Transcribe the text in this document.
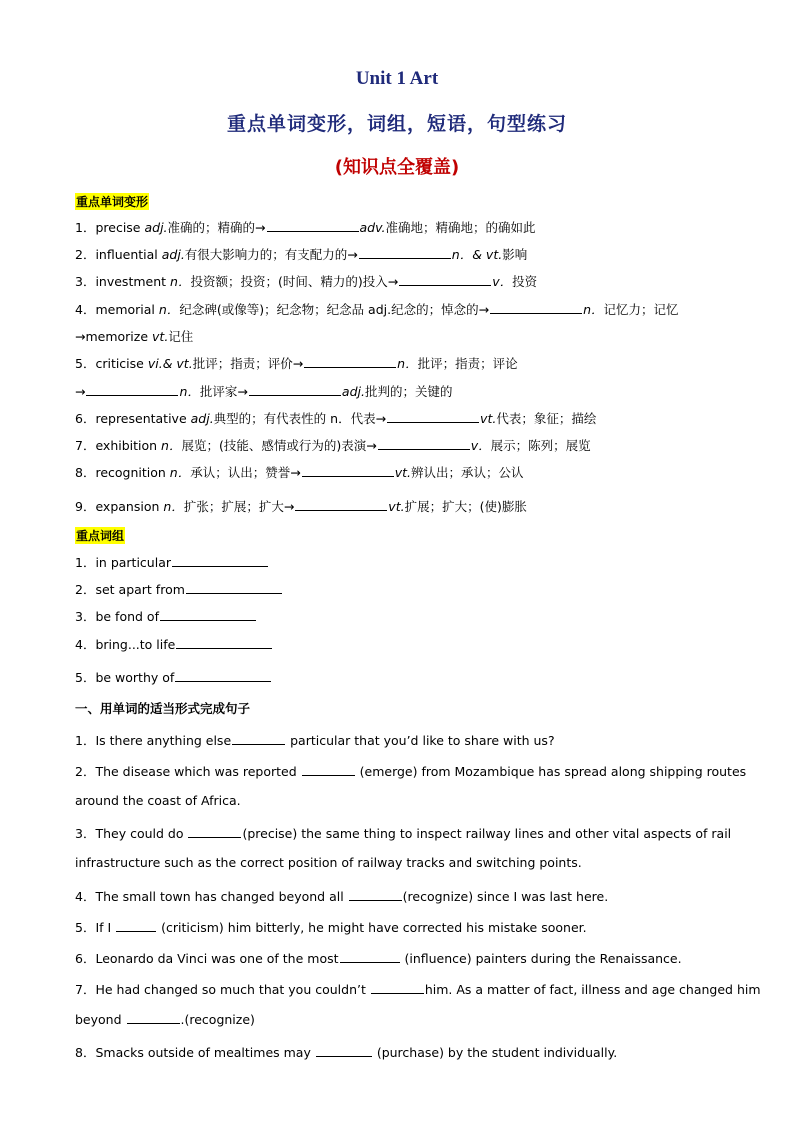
Unit 1 Art
重点单词变形，词组，短语，句型练习
(知识点全覆盖)
重点单词变形
1．precise adj.准确的；精确的→	adv.准确地；精确地；的确如此
2．influential adj.有很大影响力的；有支配力的→	n．& vt.影响
3．investment n．投资额；投资；(时间、精力的)投入→	v．投资
4．memorial n．纪念碑(或像等)；纪念物；纪念品 adj.纪念的；悼念的→	n．记忆力；记忆
→memorize vt.记住
5．criticise vi.& vt.批评；指责；评价→	n．批评；指责；评论
→	n．批评家→	adj.批判的；关键的
6．representative adj.典型的；有代表性的 n．代表→	vt.代表；象征；描绘
7．exhibition n．展览；(技能、感情或行为的)表演→	v．展示；陈列；展览
8．recognition n．承认；认出；赞誉→	vt.辨认出；承认；公认
9．expansion n．扩张；扩展；扩大→	vt.扩展；扩大；(使)膨胀
重点词组
1．in particular
2．set apart from
3．be fond of
4．bring...to life
5．be worthy of
一、用单词的适当形式完成句子
1．Is there anything else	particular that you’d like to share with us?
2．The disease which was reported	(emerge) from Mozambique has spread along shipping routes
around the coast of Africa.
3．They could do	(precise) the same thing to inspect railway lines and other vital aspects of rail
infrastructure such as the correct position of railway tracks and switching points.
4．The small town has changed beyond all	(recognize) since I was last here.
5．If I	(criticism) him bitterly, he might have corrected his mistake sooner.
6．Leonardo da Vinci was one of the most	(influence) painters during the Renaissance.
7．He had changed so much that you couldn’t	him. As a matter of fact, illness and age changed him
beyond	.(recognize)
8．Smacks outside of mealtimes may	(purchase) by the student individually.
